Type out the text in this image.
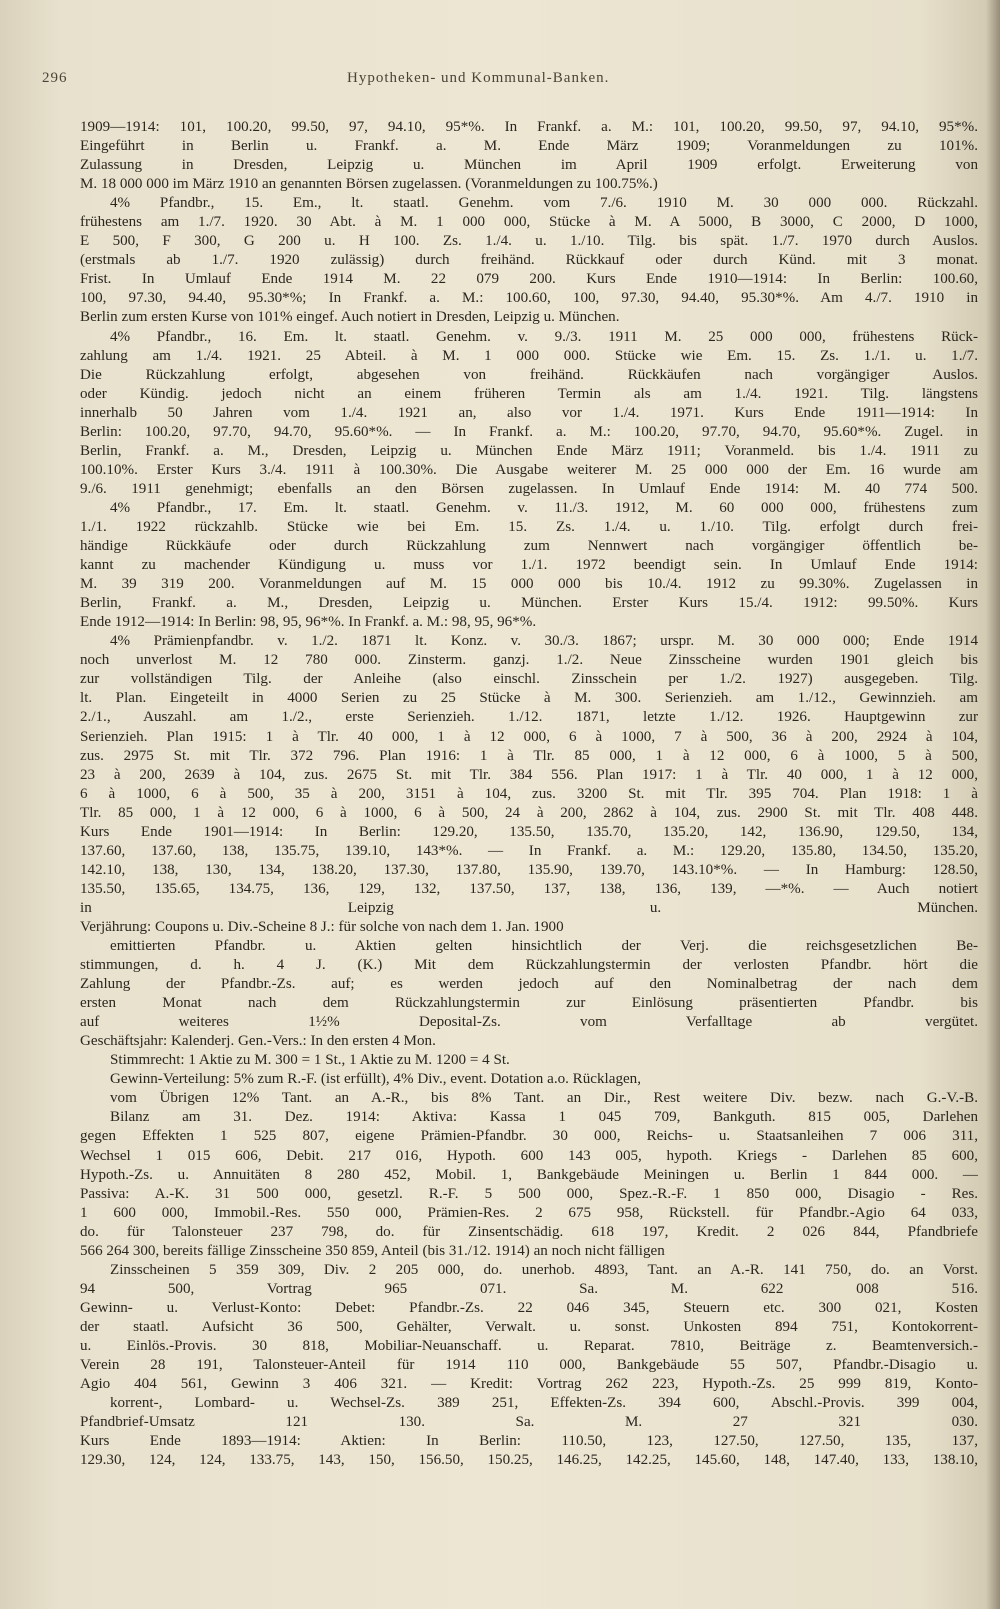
296	Hypotheken- und Kommunal-Banken.
1909—1914: 101, 100.20, 99.50, 97, 94.10, 95*%. In Frankf. a. M.: 101, 100.20, 99.50, 97, 94.10, 95*%.
Eingeführt in Berlin u. Frankf. a. M. Ende März 1909; Voranmeldungen zu 101%.
Zulassung in Dresden, Leipzig u. München im April 1909 erfolgt. Erweiterung von
M. 18 000 000 im März 1910 an genannten Börsen zugelassen. (Voranmeldungen zu 100.75%.)
4% Pfandbr., 15. Em., lt. staatl. Genehm. vom 7./6. 1910 M. 30 000 000. Rückzahl.
frühestens am 1./7. 1920. 30 Abt. à M. 1 000 000, Stücke à M. A 5000, B 3000, C 2000, D 1000,
E 500, F 300, G 200 u. H 100. Zs. 1./4. u. 1./10. Tilg. bis spät. 1./7. 1970 durch Auslos.
(erstmals ab 1./7. 1920 zulässig) durch freihänd. Rückkauf oder durch Künd. mit 3 monat.
Frist. In Umlauf Ende 1914 M. 22 079 200. Kurs Ende 1910—1914: In Berlin: 100.60,
100, 97.30, 94.40, 95.30*%; In Frankf. a. M.: 100.60, 100, 97.30, 94.40, 95.30*%. Am 4./7. 1910 in
Berlin zum ersten Kurse von 101% eingef. Auch notiert in Dresden, Leipzig u. München.
4% Pfandbr., 16. Em. lt. staatl. Genehm. v. 9./3. 1911 M. 25 000 000, frühestens Rück-
zahlung am 1./4. 1921. 25 Abteil. à M. 1 000 000. Stücke wie Em. 15. Zs. 1./1. u. 1./7.
Die Rückzahlung erfolgt, abgesehen von freihänd. Rückkäufen nach vorgängiger Auslos.
oder Kündig. jedoch nicht an einem früheren Termin als am 1./4. 1921. Tilg. längstens
innerhalb 50 Jahren vom 1./4. 1921 an, also vor 1./4. 1971. Kurs Ende 1911—1914: In
Berlin: 100.20, 97.70, 94.70, 95.60*%. — In Frankf. a. M.: 100.20, 97.70, 94.70, 95.60*%. Zugel. in
Berlin, Frankf. a. M., Dresden, Leipzig u. München Ende März 1911; Voranmeld. bis 1./4. 1911 zu
100.10%. Erster Kurs 3./4. 1911 à 100.30%. Die Ausgabe weiterer M. 25 000 000 der Em. 16 wurde am
9./6. 1911 genehmigt; ebenfalls an den Börsen zugelassen. In Umlauf Ende 1914: M. 40 774 500.
4% Pfandbr., 17. Em. lt. staatl. Genehm. v. 11./3. 1912, M. 60 000 000, frühestens zum
1./1. 1922 rückzahlb. Stücke wie bei Em. 15. Zs. 1./4. u. 1./10. Tilg. erfolgt durch frei-
händige Rückkäufe oder durch Rückzahlung zum Nennwert nach vorgängiger öffentlich be-
kannt zu machender Kündigung u. muss vor 1./1. 1972 beendigt sein. In Umlauf Ende 1914:
M. 39 319 200. Voranmeldungen auf M. 15 000 000 bis 10./4. 1912 zu 99.30%. Zugelassen in
Berlin, Frankf. a. M., Dresden, Leipzig u. München. Erster Kurs 15./4. 1912: 99.50%. Kurs
Ende 1912—1914: In Berlin: 98, 95, 96*%. In Frankf. a. M.: 98, 95, 96*%.
4% Prämienpfandbr. v. 1./2. 1871 lt. Konz. v. 30./3. 1867; urspr. M. 30 000 000; Ende 1914
noch unverlost M. 12 780 000. Zinsterm. ganzj. 1./2. Neue Zinsscheine wurden 1901 gleich bis
zur vollständigen Tilg. der Anleihe (also einschl. Zinsschein per 1./2. 1927) ausgegeben. Tilg.
lt. Plan. Eingeteilt in 4000 Serien zu 25 Stücke à M. 300. Serienzieh. am 1./12., Gewinnzieh. am
2./1., Auszahl. am 1./2., erste Serienzieh. 1./12. 1871, letzte 1./12. 1926. Hauptgewinn zur
Serienzieh. Plan 1915: 1 à Tlr. 40 000, 1 à 12 000, 6 à 1000, 7 à 500, 36 à 200, 2924 à 104,
zus. 2975 St. mit Tlr. 372 796. Plan 1916: 1 à Tlr. 85 000, 1 à 12 000, 6 à 1000, 5 à 500,
23 à 200, 2639 à 104, zus. 2675 St. mit Tlr. 384 556. Plan 1917: 1 à Tlr. 40 000, 1 à 12 000,
6 à 1000, 6 à 500, 35 à 200, 3151 à 104, zus. 3200 St. mit Tlr. 395 704. Plan 1918: 1 à
Tlr. 85 000, 1 à 12 000, 6 à 1000, 6 à 500, 24 à 200, 2862 à 104, zus. 2900 St. mit Tlr. 408 448.
Kurs Ende 1901—1914: In Berlin: 129.20, 135.50, 135.70, 135.20, 142, 136.90, 129.50, 134,
137.60, 137.60, 138, 135.75, 139.10, 143*%. — In Frankf. a. M.: 129.20, 135.80, 134.50, 135.20,
142.10, 138, 130, 134, 138.20, 137.30, 137.80, 135.90, 139.70, 143.10*%. — In Hamburg: 128.50,
135.50, 135.65, 134.75, 136, 129, 132, 137.50, 137, 138, 136, 139, —*%. — Auch notiert
in Leipzig u. München.
Verjährung: Coupons u. Div.-Scheine 8 J.: für solche von nach dem 1. Jan. 1900
emittierten Pfandbr. u. Aktien gelten hinsichtlich der Verj. die reichsgesetzlichen Be-
stimmungen, d. h. 4 J. (K.) Mit dem Rückzahlungstermin der verlosten Pfandbr. hört die
Zahlung der Pfandbr.-Zs. auf; es werden jedoch auf den Nominalbetrag der nach dem
ersten Monat nach dem Rückzahlungstermin zur Einlösung präsentierten Pfandbr. bis
auf weiteres 1½% Deposital-Zs. vom Verfalltage ab vergütet.
Geschäftsjahr: Kalenderj. Gen.-Vers.: In den ersten 4 Mon.
Stimmrecht: 1 Aktie zu M. 300 = 1 St., 1 Aktie zu M. 1200 = 4 St.
Gewinn-Verteilung: 5% zum R.-F. (ist erfüllt), 4% Div., event. Dotation a.o. Rücklagen,
vom Übrigen 12% Tant. an A.-R., bis 8% Tant. an Dir., Rest weitere Div. bezw. nach G.-V.-B.
Bilanz am 31. Dez. 1914: Aktiva: Kassa 1 045 709, Bankguth. 815 005, Darlehen
gegen Effekten 1 525 807, eigene Prämien-Pfandbr. 30 000, Reichs- u. Staatsanleihen 7 006 311,
Wechsel 1 015 606, Debit. 217 016, Hypoth. 600 143 005, hypoth. Kriegs - Darlehen 85 600,
Hypoth.-Zs. u. Annuitäten 8 280 452, Mobil. 1, Bankgebäude Meiningen u. Berlin 1 844 000. —
Passiva: A.-K. 31 500 000, gesetzl. R.-F. 5 500 000, Spez.-R.-F. 1 850 000, Disagio - Res.
1 600 000, Immobil.-Res. 550 000, Prämien-Res. 2 675 958, Rückstell. für Pfandbr.-Agio 64 033,
do. für Talonsteuer 237 798, do. für Zinsentschädig. 618 197, Kredit. 2 026 844, Pfandbriefe
566 264 300, bereits fällige Zinsscheine 350 859, Anteil (bis 31./12. 1914) an noch nicht fälligen
Zinsscheinen 5 359 309, Div. 2 205 000, do. unerhob. 4893, Tant. an A.-R. 141 750, do. an Vorst.
94 500, Vortrag 965 071. Sa. M. 622 008 516.
Gewinn- u. Verlust-Konto: Debet: Pfandbr.-Zs. 22 046 345, Steuern etc. 300 021, Kosten
der staatl. Aufsicht 36 500, Gehälter, Verwalt. u. sonst. Unkosten 894 751, Kontokorrent-
u. Einlös.-Provis. 30 818, Mobiliar-Neuanschaff. u. Reparat. 7810, Beiträge z. Beamtenversich.-
Verein 28 191, Talonsteuer-Anteil für 1914 110 000, Bankgebäude 55 507, Pfandbr.-Disagio u.
Agio 404 561, Gewinn 3 406 321. — Kredit: Vortrag 262 223, Hypoth.-Zs. 25 999 819, Konto-
korrent-, Lombard- u. Wechsel-Zs. 389 251, Effekten-Zs. 394 600, Abschl.-Provis. 399 004,
Pfandbrief-Umsatz 121 130. Sa. M. 27 321 030.
Kurs Ende 1893—1914: Aktien: In Berlin: 110.50, 123, 127.50, 127.50, 135, 137,
129.30, 124, 124, 133.75, 143, 150, 156.50, 150.25, 146.25, 142.25, 145.60, 148, 147.40, 133, 138.10,
